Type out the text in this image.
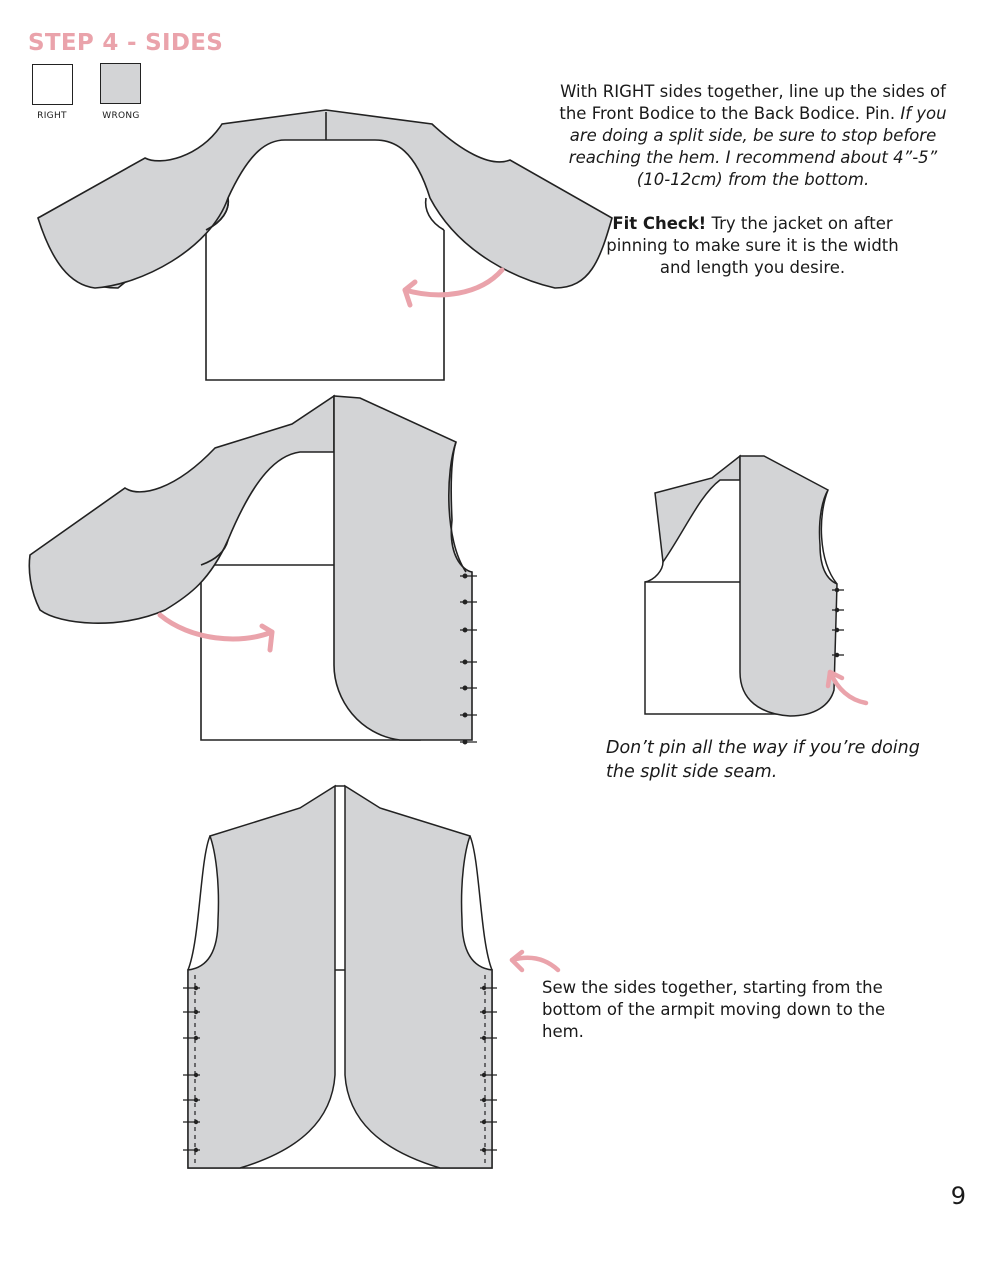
STEP 4 - SIDES
RIGHT	WRONG
With RIGHT sides together, line up the sides of the Front Bodice to the Back Bodice. Pin. If you are doing a split side, be sure to stop before reaching the hem. I recommend about 4”-5” (10-12cm) from the bottom.
Fit Check! Try the jacket on after pinning to make sure it is the width and length you desire.
Don’t pin all the way if you’re doing the split side seam.
Sew the sides together, starting from the bottom of the armpit moving down to the hem.
9
